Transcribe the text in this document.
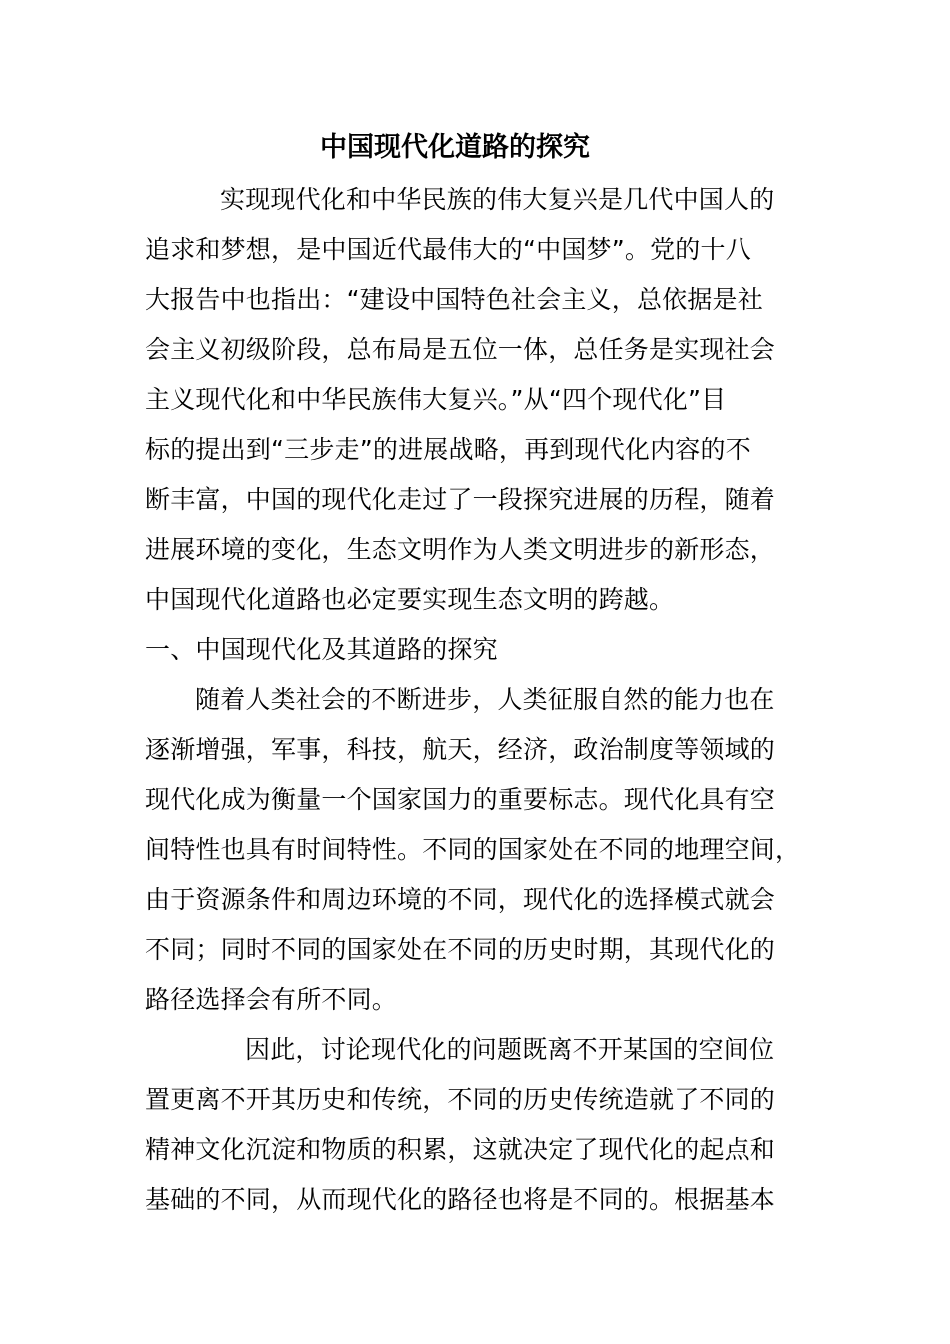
中国现代化道路的探究
实现现代化和中华民族的伟大复兴是几代中国人的
追求和梦想，是中国近代最伟大的“中国梦”。党的十八
大报告中也指出：“建设中国特色社会主义，总依据是社
会主义初级阶段，总布局是五位一体，总任务是实现社会
主义现代化和中华民族伟大复兴。”从“四个现代化”目
标的提出到“三步走”的进展战略，再到现代化内容的不
断丰富，中国的现代化走过了一段探究进展的历程，随着
进展环境的变化，生态文明作为人类文明进步的新形态，
中国现代化道路也必定要实现生态文明的跨越。
一、中国现代化及其道路的探究
随着人类社会的不断进步，人类征服自然的能力也在
逐渐增强，军事，科技，航天，经济，政治制度等领域的
现代化成为衡量一个国家国力的重要标志。现代化具有空
间特性也具有时间特性。不同的国家处在不同的地理空间，
由于资源条件和周边环境的不同，现代化的选择模式就会
不同；同时不同的国家处在不同的历史时期，其现代化的
路径选择会有所不同。
因此，讨论现代化的问题既离不开某国的空间位
置更离不开其历史和传统，不同的历史传统造就了不同的
精神文化沉淀和物质的积累，这就决定了现代化的起点和
基础的不同，从而现代化的路径也将是不同的。根据基本
